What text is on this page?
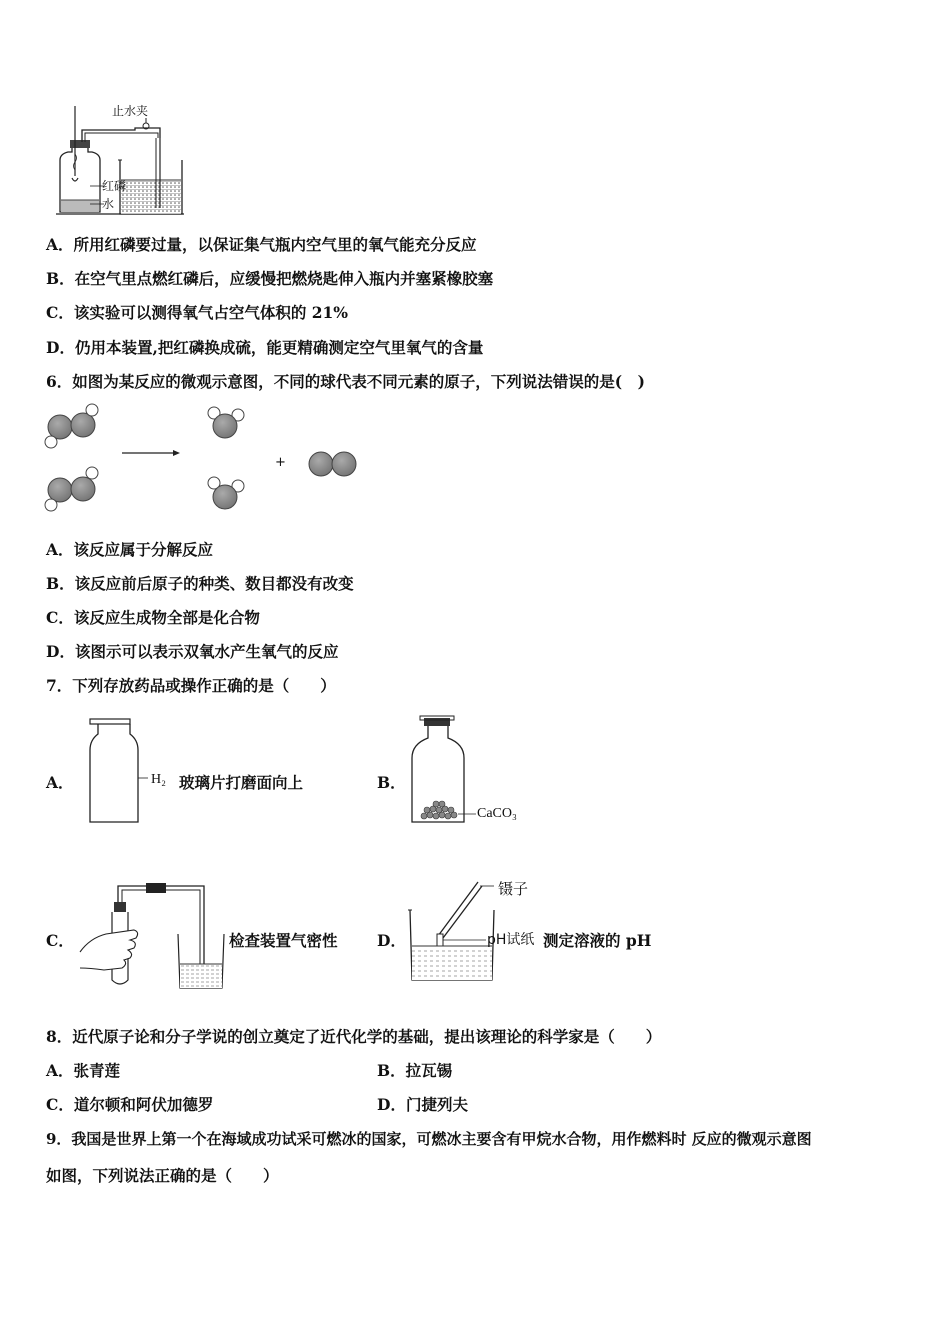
止水夹
红磷
水
A．所用红磷要过量，以保证集气瓶内空气里的氧气能充分反应
B．在空气里点燃红磷后，应缓慢把燃烧匙伸入瓶内并塞紧橡胶塞
C．该实验可以测得氧气占空气体积的 21%
D．仍用本装置,把红磷换成硫，能更精确测定空气里氧气的含量
6．如图为某反应的微观示意图，不同的球代表不同元素的原子，下列说法错误的是(　)
+
A．该反应属于分解反应
B．该反应前后原子的种类、数目都没有改变
C．该反应生成物全部是化合物
D．该图示可以表示双氧水产生氧气的反应
7．下列存放药品或操作正确的是（　　）
A．	H₂ 玻璃片打磨面向上	B．
CaCO₃
C．	检查装置气密性	D．
镊子
pH试纸 测定溶液的 pH
8．近代原子论和分子学说的创立奠定了近代化学的基础，提出该理论的科学家是（　　）
A．张青莲	B．拉瓦锡
C．道尔顿和阿伏加德罗	D．门捷列夫
9．我国是世界上第一个在海域成功试采可燃冰的国家，可燃冰主要含有甲烷水合物，用作燃料时 反应的微观示意图
如图，下列说法正确的是（　　）
